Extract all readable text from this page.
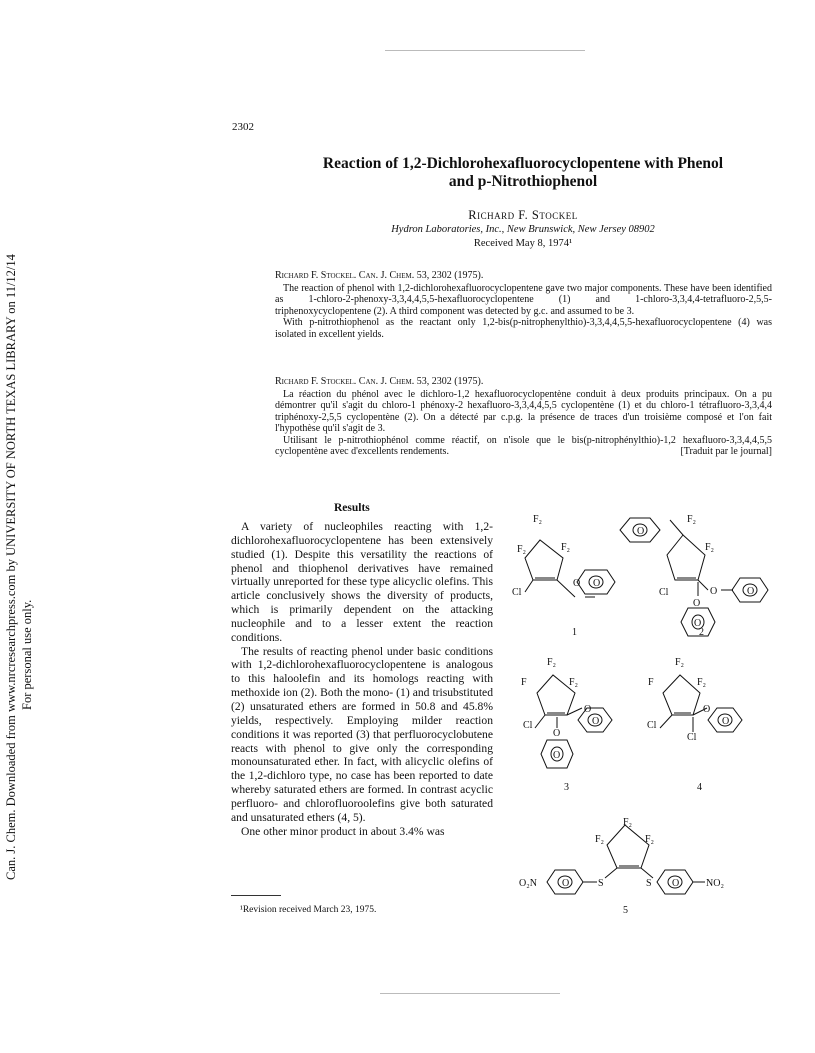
Can. J. Chem. Downloaded from www.nrcresearchpress.com by UNIVERSITY OF NORTH TEXAS LIBRARY on 11/12/14 For personal use only.
2302
Reaction of 1,2-Dichlorohexafluorocyclopentene with Phenol
and p-Nitrothiophenol
Richard F. Stockel
Hydron Laboratories, Inc., New Brunswick, New Jersey 08902
Received May 8, 1974¹

Richard F. Stockel. Can. J. Chem. 53, 2302 (1975).

The reaction of phenol with 1,2-dichlorohexafluorocyclopentene gave two major components. These have been identified as 1-chloro-2-phenoxy-3,3,4,4,5,5-hexafluorocyclopentene (1) and 1-chloro-3,3,4,4-tetrafluoro-2,5,5-triphenoxycyclopentene (2). A third component was detected by g.c. and assumed to be 3.

With p-nitrothiophenol as the reactant only 1,2-bis(p-nitrophenylthio)-3,3,4,4,5,5-hexafluorocyclopentene (4) was isolated in excellent yields.

Richard F. Stockel. Can. J. Chem. 53, 2302 (1975).

La réaction du phénol avec le dichloro-1,2 hexafluorocyclopentène conduit à deux produits principaux. On a pu démontrer qu'il s'agit du chloro-1 phénoxy-2 hexafluoro-3,3,4,4,5,5 cyclopentène (1) et du chloro-1 tétrafluoro-3,3,4,4 triphénoxy-2,5,5 cyclopentène (2). On a détecté par c.p.g. la présence de traces d'un troisième composé et l'on fait l'hypothèse qu'il s'agit de 3.

Utilisant le p-nitrothiophénol comme réactif, on n'isole que le bis(p-nitrophénylthio)-1,2 hexafluoro-3,3,4,4,5,5 cyclopentène avec d'excellents rendements.	[Traduit par le journal]

Results

A variety of nucleophiles reacting with 1,2-dichlorohexafluorocyclopentene has been extensively studied (1). Despite this versatility the reactions of phenol and thiophenol derivatives have remained virtually unreported for these type alicyclic olefins. This article conclusively shows the diversity of products, which is primarily dependent on the attacking nucleophile and to a lesser extent the reaction conditions.

The results of reacting phenol under basic conditions with 1,2-dichlorohexafluorocyclopentene is analogous to this haloolefin and its homologs reacting with methoxide ion (2). Both the mono- (1) and trisubstituted (2) unsaturated ethers are formed in 50.8 and 45.8% yields, respectively. Employing milder reaction conditions it was reported (3) that perfluorocyclobutene reacts with phenol to give only the corresponding monounsaturated ether. In fact, with alicyclic olefins of the 1,2-dichloro type, no case has been reported to date whereby saturated ethers are formed. In contrast acyclic perfluoro- and chlorofluoroolefins give both saturated and unsaturated ethers (4, 5).

One other minor product in about 3.4% was

¹Revision received March 23, 1975.
F₂
F₂	F₂
Cl
O O
1
O
F₂
F₂
Cl	O	O
O
O
2
F₂
F	F₂
Cl
O
O
O
O
3
F₂
F	F₂
Cl
O
O
Cl
4
F₂
F₂	F₂
O₂N	O	S	S O	NO₂
5
